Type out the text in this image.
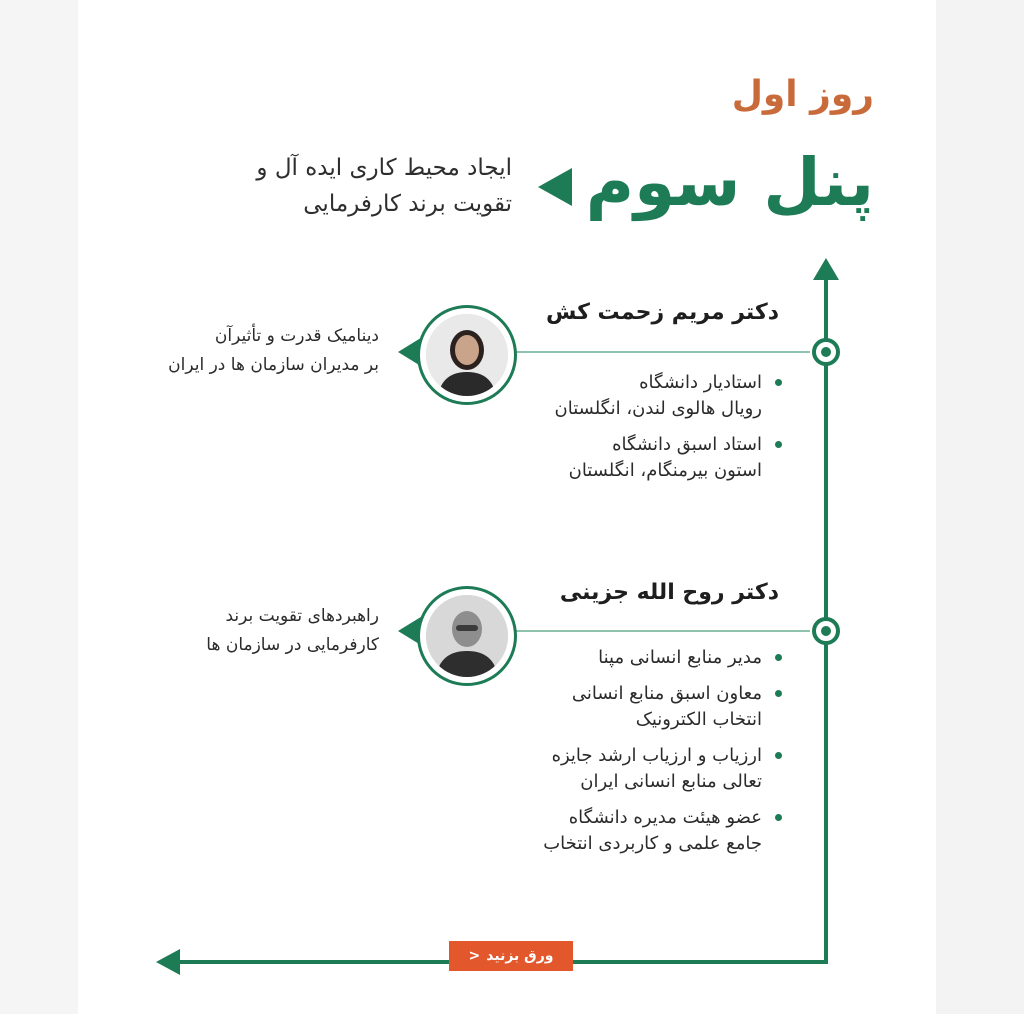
روز اول
پنل سوم
ایجاد محیط کاری ایده آل و
تقویت برند کارفرمایی
دکتر مریم زحمت کش
دینامیک قدرت و تأثیرآن
بر مدیران سازمان ها در ایران
استادیار دانشگاه
رویال هالوی لندن، انگلستان
استاد اسبق دانشگاه
استون بیرمنگام، انگلستان
دکتر روح الله جزینی
راهبردهای تقویت برند
کارفرمایی در سازمان ها
مدیر منابع انسانی مپنا
معاون اسبق منابع انسانی
انتخاب الکترونیک
ارزیاب و ارزیاب ارشد جایزه
تعالی منابع انسانی ایران
عضو هیئت مدیره دانشگاه
جامع علمی و کاربردی انتخاب
ورق بزنید
<
